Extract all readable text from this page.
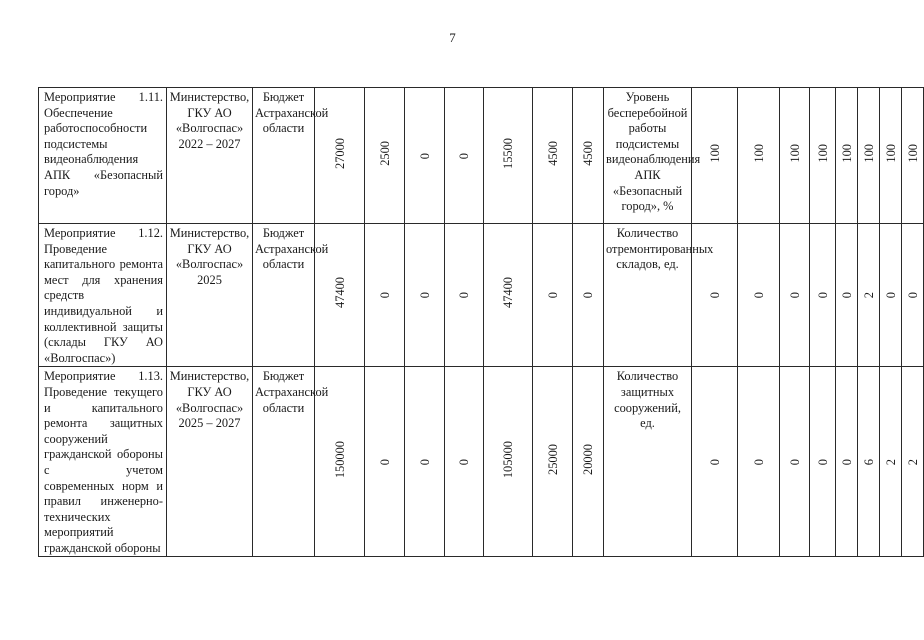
7
Мероприятие 1.11. Обеспечение работоспособности подсистемы видеонаблюдения АПК «Безопасный город»	Министерство, ГКУ АО «Волгоспас» 2022 – 2027	Бюджет Астраханской области	27000	2500	0	0	15500	4500	4500	Уровень бесперебойной работы подсистемы видеонаблюдения АПК «Безопасный город», %	100	100	100	100	100	100	100	100
Мероприятие 1.12. Проведение капитального ремонта мест для хранения средств индивидуальной и коллективной защиты (склады ГКУ АО «Волгоспас»)	Министерство, ГКУ АО «Волгоспас» 2025	Бюджет Астраханской области	47400	0	0	0	47400	0	0	Количество отремонтированных складов, ед.	0	0	0	0	0	2	0	0
Мероприятие 1.13. Проведение текущего и капитального ремонта защитных сооружений гражданской обороны с учетом современных норм и правил инженерно-технических мероприятий гражданской обороны	Министерство, ГКУ АО «Волгоспас» 2025 – 2027	Бюджет Астраханской области	150000	0	0	0	105000	25000	20000	Количество защитных сооружений, ед.	0	0	0	0	0	6	2	2
